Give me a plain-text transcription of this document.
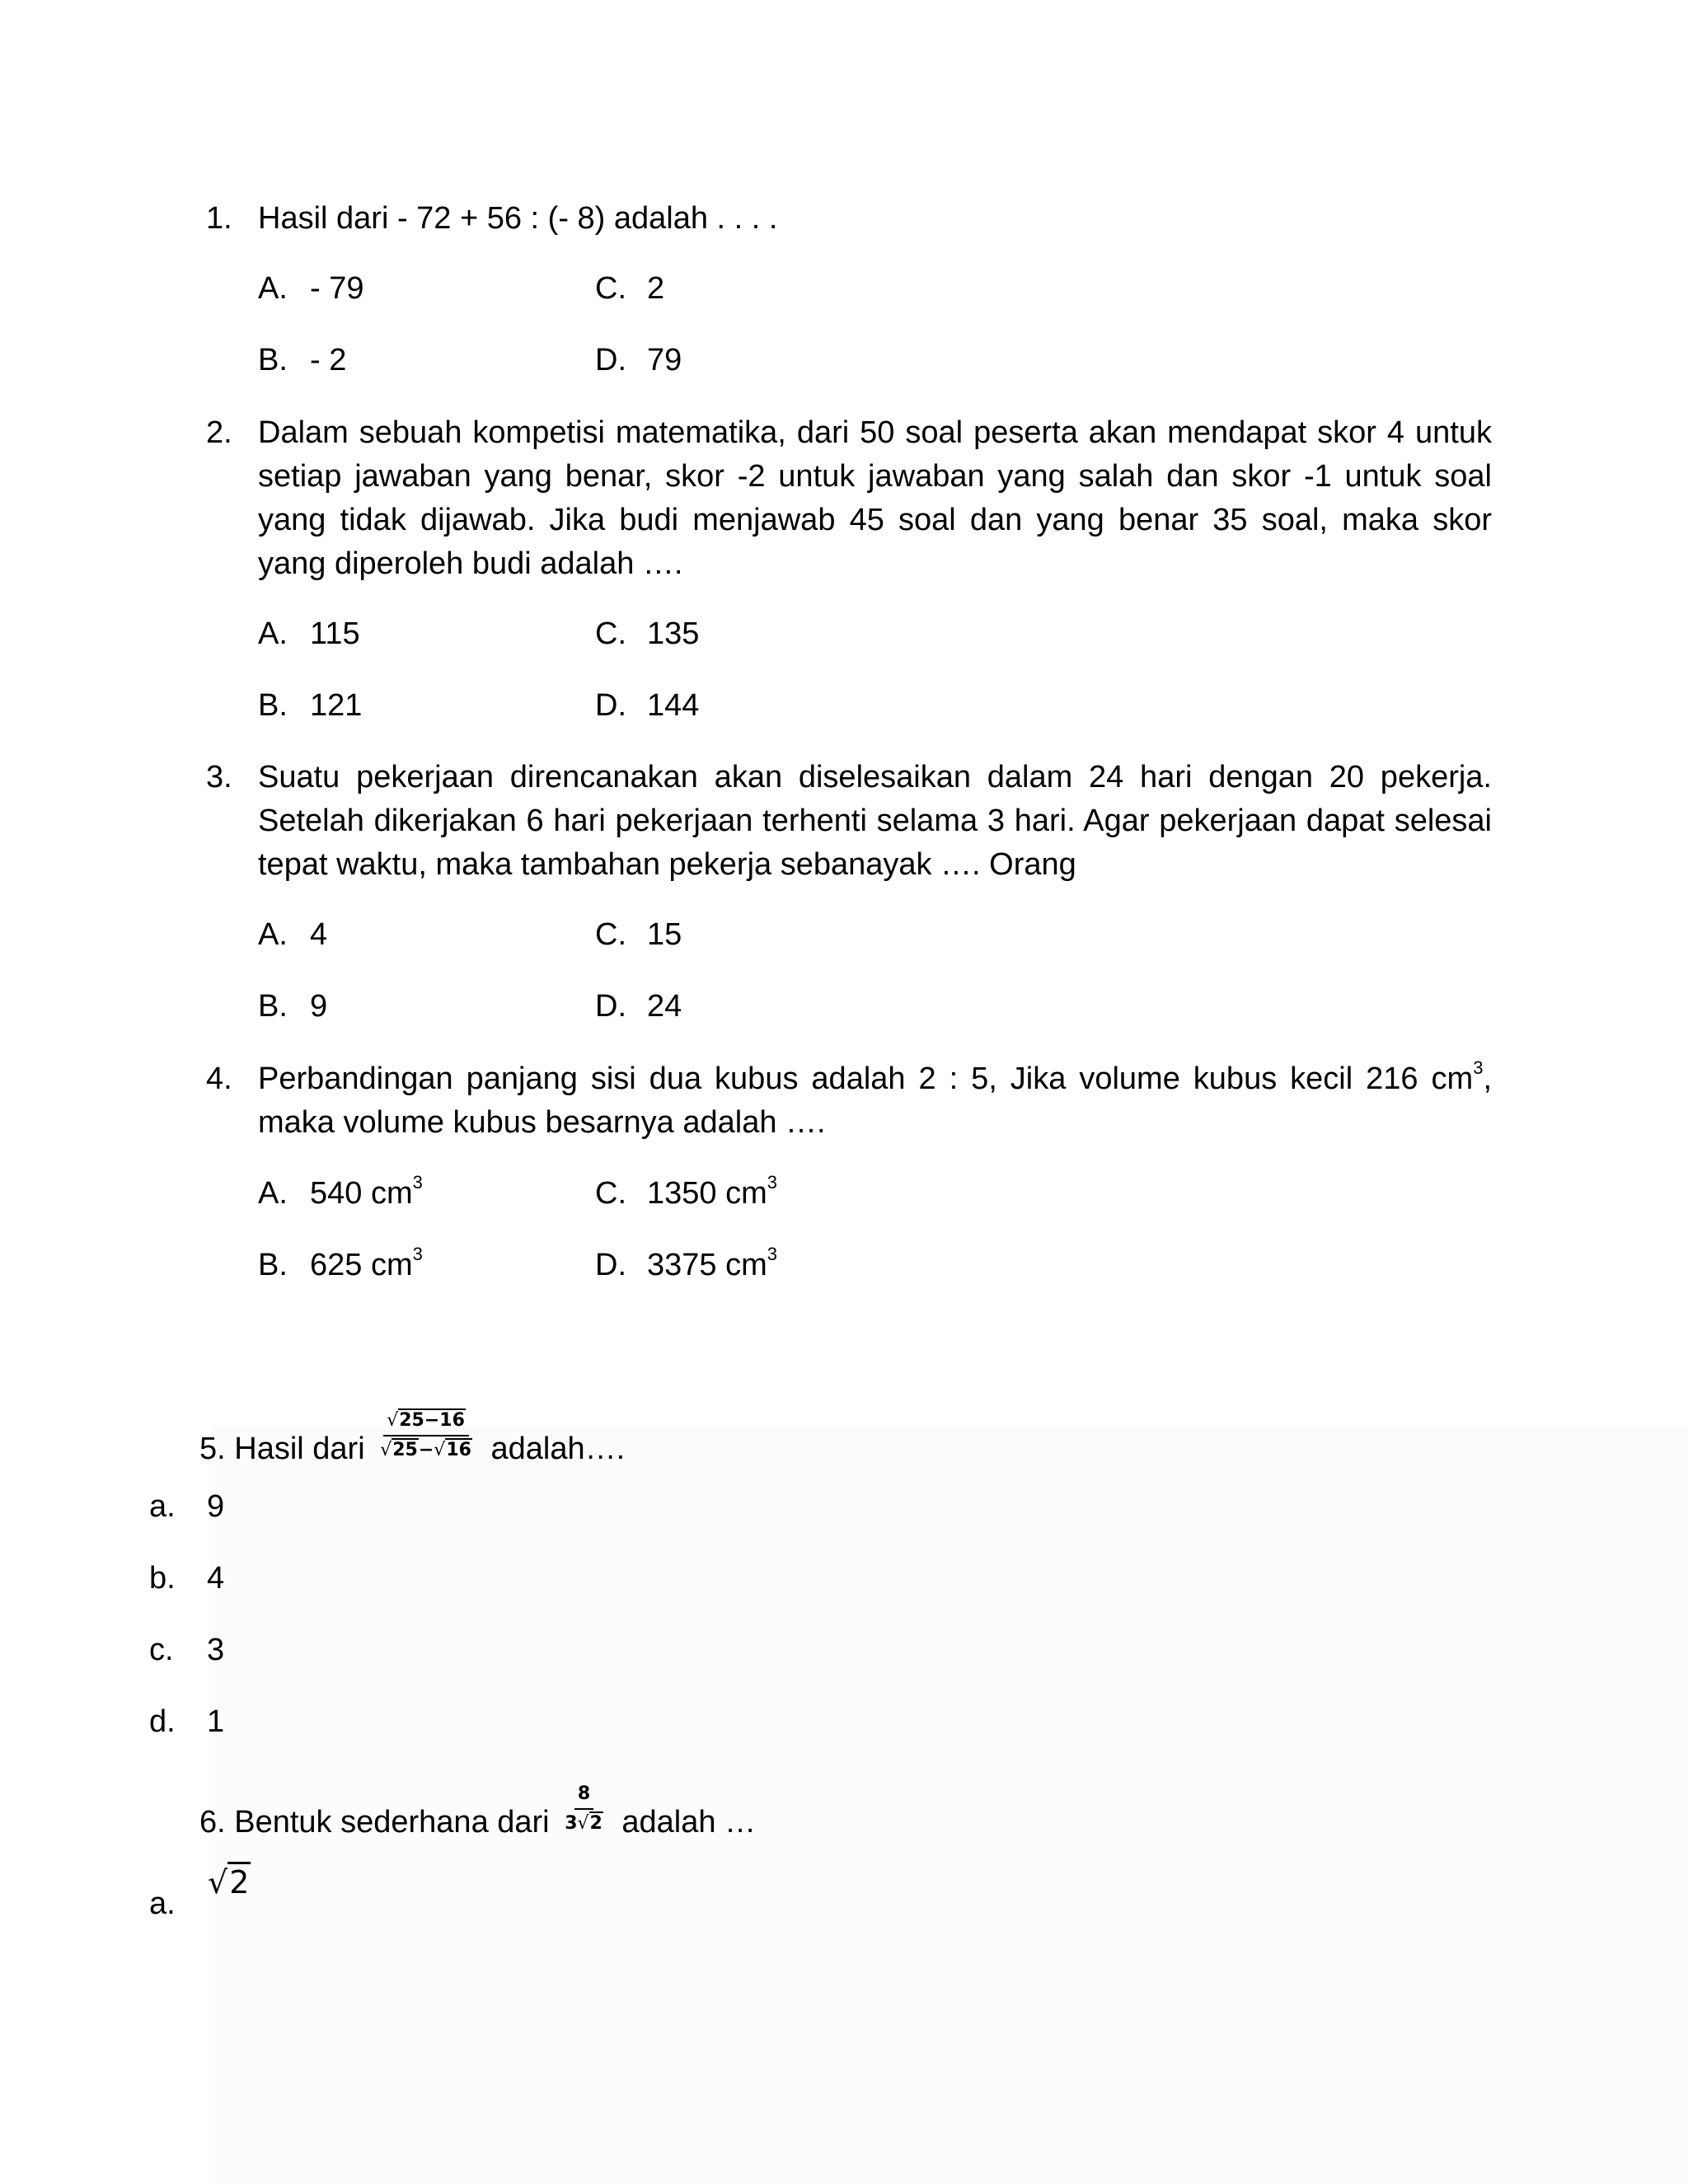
1. Hasil dari - 72 + 56 : (- 8) adalah . . . .
A. - 79	C. 2
B. - 2	D. 79
2. Dalam sebuah kompetisi matematika, dari 50 soal peserta akan mendapat skor 4 untuk setiap jawaban yang benar, skor -2 untuk jawaban yang salah dan skor -1 untuk soal yang tidak dijawab. Jika budi menjawab 45 soal dan yang benar 35 soal, maka skor yang diperoleh budi adalah ….
A. 115	C. 135
B. 121	D. 144
3. Suatu pekerjaan direncanakan akan diselesaikan dalam 24 hari dengan 20 pekerja. Setelah dikerjakan 6 hari pekerjaan terhenti selama 3 hari. Agar pekerjaan dapat selesai tepat waktu, maka tambahan pekerja sebanayak …. Orang
A. 4	C. 15
B. 9	D. 24
4. Perbandingan panjang sisi dua kubus adalah 2 : 5, Jika volume kubus kecil 216 $cm^3$, maka volume kubus besarnya adalah ….
A. 540 $cm^3$	C. 1350 $cm^3$
B. 625 $cm^3$	D. 3375 $cm^3$
5. Hasil dari $\frac{√25-16}{√25-√16}$ adalah….
a. 9
b. 4
c. 3
d. 1
6. Bentuk sederhana dari $\frac{8}{3√2}$ adalah …
a.
√2
